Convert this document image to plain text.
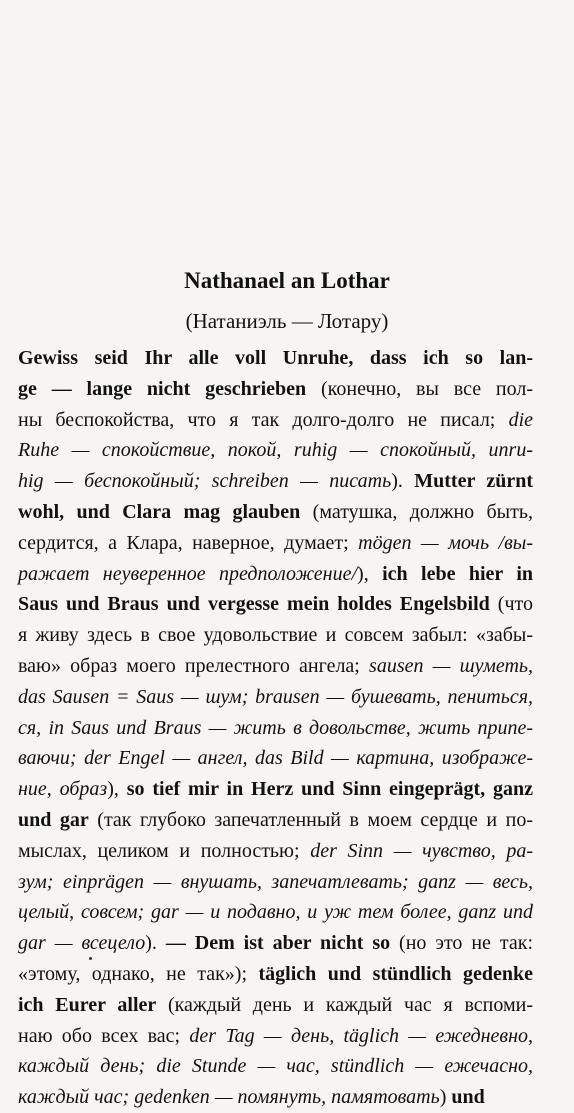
Nathanael an Lothar
(Натаниэль — Лотару)
Gewiss seid Ihr alle voll Unruhe, dass ich so lan-
ge — lange nicht geschrieben (конечно, вы все пол-
ны беспокойства, что я так долго-долго не писал; die
Ruhe — спокойствие, покой, ruhig — спокойный, unru-
hig — беспокойный; schreiben — писать). Mutter zürnt
wohl, und Clara mag glauben (матушка, должно быть,
сердится, а Клара, наверное, думает; mögen — мочь /вы-
ражает неуверенное предположение/), ich lebe hier in
Saus und Braus und vergesse mein holdes Engelsbild (что
я живу здесь в свое удовольствие и совсем забыл: «забы-
ваю» образ моего прелестного ангела; sausen — шуметь,
das Sausen = Saus — шум; brausen — бушевать, пениться,
ся, in Saus und Braus — жить в довольстве, жить припе-
ваючи; der Engel — ангел, das Bild — картина, изображе-
ние, образ), so tief mir in Herz und Sinn eingeprägt, ganz
und gar (так глубоко запечатленный в моем сердце и по-
мыслах, целиком и полностью; der Sinn — чувство, ра-
зум; einprägen — внушать, запечатлевать; ganz — весь,
целый, совсем; gar — и подавно, и уж тем более, ganz und
gar — всецело). — Dem ist aber nicht so (но это не так:
«этому, однако, не так»); täglich und stündlich gedenke
ich Eurer aller (каждый день и каждый час я вспоми-
наю обо всех вас; der Tag — день, täglich — ежедневно,
каждый день; die Stunde — час, stündlich — ежечасно,
каждый час; gedenken — помянуть, памятовать) und
